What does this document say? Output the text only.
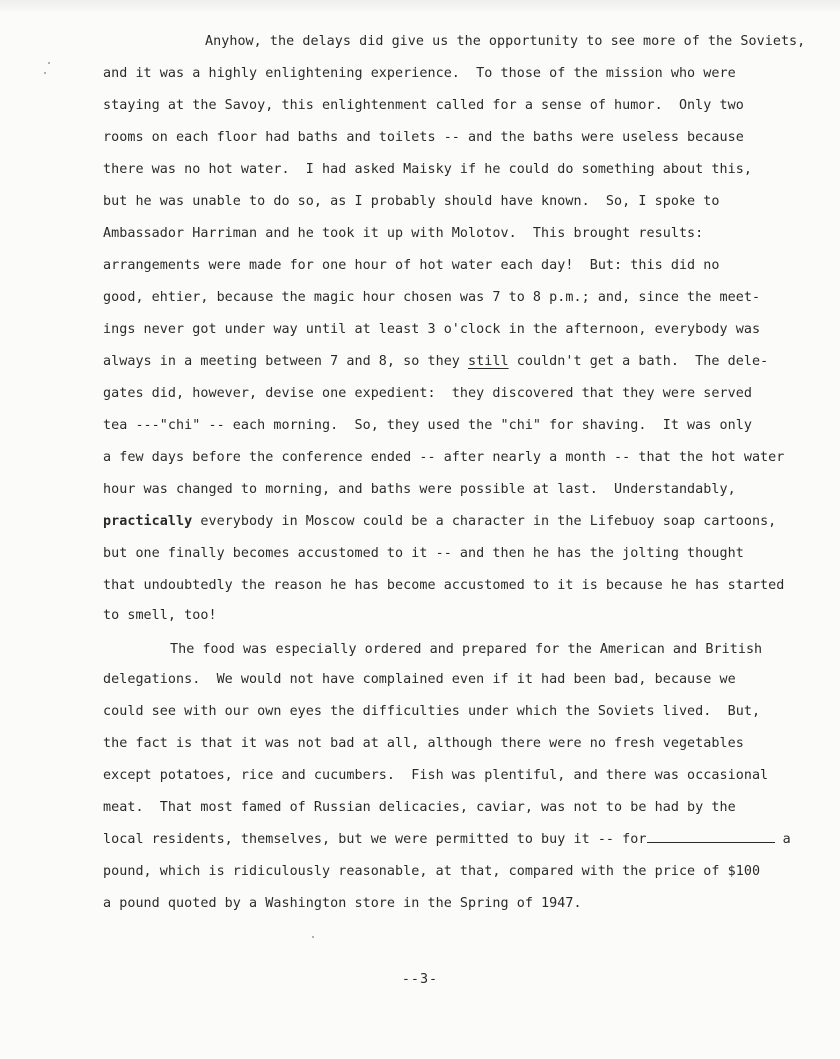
Anyhow, the delays did give us the opportunity to see more of the Soviets,
and it was a highly enlightening experience.  To those of the mission who were
staying at the Savoy, this enlightenment called for a sense of humor.  Only two
rooms on each floor had baths and toilets -- and the baths were useless because
there was no hot water.  I had asked Maisky if he could do something about this,
but he was unable to do so, as I probably should have known.  So, I spoke to
Ambassador Harriman and he took it up with Molotov.  This brought results:
arrangements were made for one hour of hot water each day!  But: this did no
good, ehtier, because the magic hour chosen was 7 to 8 p.m.; and, since the meet-
ings never got under way until at least 3 o'clock in the afternoon, everybody was
always in a meeting between 7 and 8, so they still couldn't get a bath.  The dele-
gates did, however, devise one expedient:  they discovered that they were served
tea ---"chi" -- each morning.  So, they used the "chi" for shaving.  It was only
a few days before the conference ended -- after nearly a month -- that the hot water
hour was changed to morning, and baths were possible at last.  Understandably,
practically everybody in Moscow could be a character in the Lifebuoy soap cartoons,
but one finally becomes accustomed to it -- and then he has the jolting thought
that undoubtedly the reason he has become accustomed to it is because he has started
to smell, too!
The food was especially ordered and prepared for the American and British
delegations.  We would not have complained even if it had been bad, because we
could see with our own eyes the difficulties under which the Soviets lived.  But,
the fact is that it was not bad at all, although there were no fresh vegetables
except potatoes, rice and cucumbers.  Fish was plentiful, and there was occasional
meat.  That most famed of Russian delicacies, caviar, was not to be had by the
local residents, themselves, but we were permitted to buy it -- for	a
pound, which is ridiculously reasonable, at that, compared with the price of $100
a pound quoted by a Washington store in the Spring of 1947.
--3-
